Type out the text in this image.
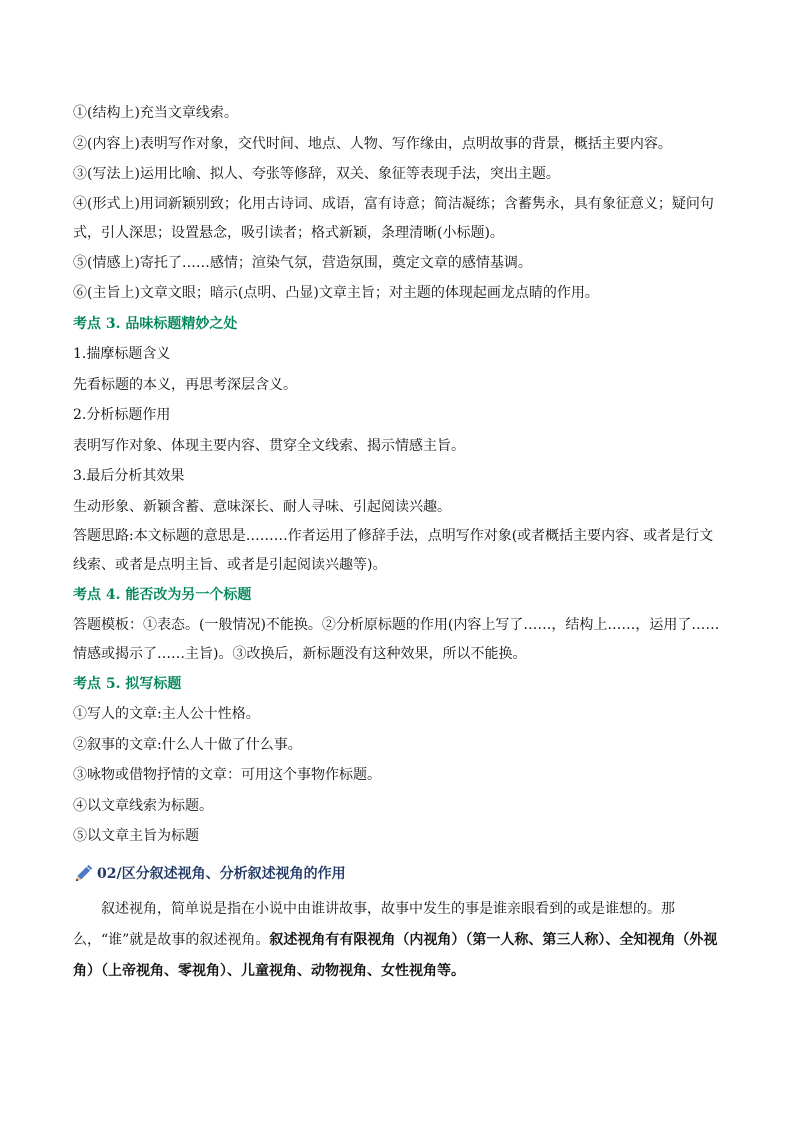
①(结构上)充当文章线索。

②(内容上)表明写作对象，交代时间、地点、人物、写作缘由，点明故事的背景，概括主要内容。

③(写法上)运用比喻、拟人、夸张等修辞，双关、象征等表现手法，突出主题。

④(形式上)用词新颖别致；化用古诗词、成语，富有诗意；简洁凝练；含蓄隽永，具有象征意义；疑问句式，引人深思；设置悬念，吸引读者；格式新颖，条理清晰(小标题)。

⑤(情感上)寄托了……感情；渲染气氛，营造氛围，奠定文章的感情基调。

⑥(主旨上)文章文眼；暗示(点明、凸显)文章主旨；对主题的体现起画龙点睛的作用。

考点 3. 品味标题精妙之处

1.揣摩标题含义

先看标题的本义，再思考深层含义。

2.分析标题作用

表明写作对象、体现主要内容、贯穿全文线索、揭示情感主旨。

3.最后分析其效果

生动形象、新颖含蓄、意味深长、耐人寻味、引起阅读兴趣。

答题思路:本文标题的意思是………作者运用了修辞手法，点明写作对象(或者概括主要内容、或者是行文线索、或者是点明主旨、或者是引起阅读兴趣等)。

考点 4. 能否改为另一个标题

答题模板：①表态。(一般情况)不能换。②分析原标题的作用(内容上写了……，结构上……，运用了……情感或揭示了……主旨)。③改换后，新标题没有这种效果，所以不能换。

考点 5. 拟写标题

①写人的文章:主人公十性格。

②叙事的文章:什么人十做了什么事。

③咏物或借物抒情的文章：可用这个事物作标题。

④以文章线索为标题。

⑤以文章主旨为标题

02/区分叙述视角、分析叙述视角的作用

叙述视角，简单说是指在小说中由谁讲故事，故事中发生的事是谁亲眼看到的或是谁想的。那么，“谁”就是故事的叙述视角。叙述视角有有限视角（内视角）（第一人称、第三人称）、全知视角（外视角）（上帝视角、零视角）、儿童视角、动物视角、女性视角等。
